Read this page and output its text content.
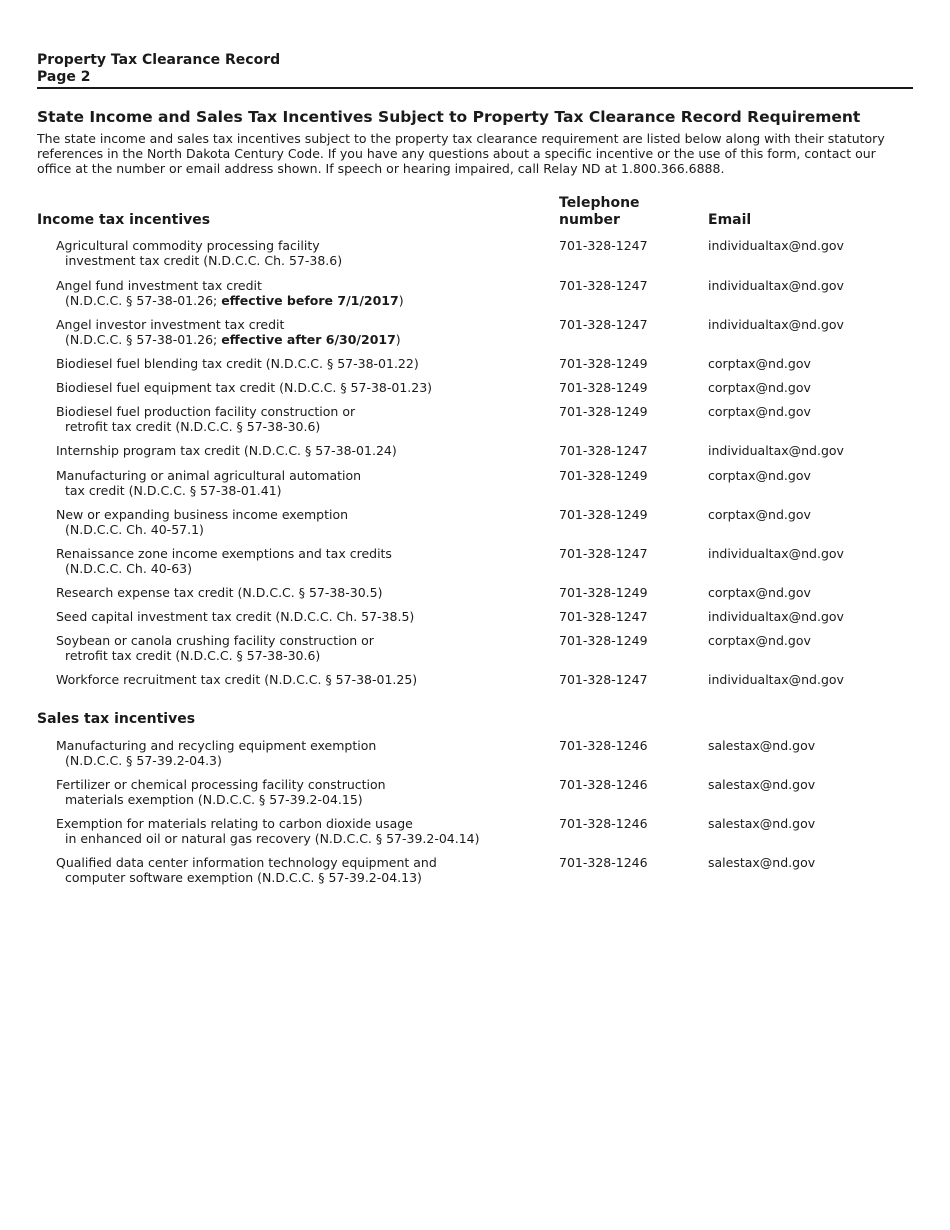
Property Tax Clearance Record
Page 2
State Income and Sales Tax Incentives Subject to Property Tax Clearance Record Requirement
The state income and sales tax incentives subject to the property tax clearance requirement are listed below along with their statutory
references in the North Dakota Century Code. If you have any questions about a specific incentive or the use of this form, contact our
office at the number or email address shown. If speech or hearing impaired, call Relay ND at 1.800.366.6888.
Income tax incentives
Telephone
number	Email
Agricultural commodity processing facility
investment tax credit (N.D.C.C. Ch. 57-38.6)
701-328-1247	individualtax@nd.gov
Angel fund investment tax credit
(N.D.C.C. § 57-38-01.26; effective before 7/1/2017)
701-328-1247	individualtax@nd.gov
Angel investor investment tax credit
(N.D.C.C. § 57-38-01.26; effective after 6/30/2017)
701-328-1247	individualtax@nd.gov
Biodiesel fuel blending tax credit (N.D.C.C. § 57-38-01.22)	701-328-1249	corptax@nd.gov
Biodiesel fuel equipment tax credit (N.D.C.C. § 57-38-01.23)	701-328-1249	corptax@nd.gov
Biodiesel fuel production facility construction or
retrofit tax credit (N.D.C.C. § 57-38-30.6)
701-328-1249	corptax@nd.gov
Internship program tax credit (N.D.C.C. § 57-38-01.24)	701-328-1247	individualtax@nd.gov
Manufacturing or animal agricultural automation
tax credit (N.D.C.C. § 57-38-01.41)
701-328-1249	corptax@nd.gov
New or expanding business income exemption
(N.D.C.C. Ch. 40-57.1)
701-328-1249	corptax@nd.gov
Renaissance zone income exemptions and tax credits
(N.D.C.C. Ch. 40-63)
701-328-1247	individualtax@nd.gov
Research expense tax credit (N.D.C.C. § 57-38-30.5)	701-328-1249	corptax@nd.gov
Seed capital investment tax credit (N.D.C.C. Ch. 57-38.5)	701-328-1247	individualtax@nd.gov
Soybean or canola crushing facility construction or
retrofit tax credit (N.D.C.C. § 57-38-30.6)
701-328-1249	corptax@nd.gov
Workforce recruitment tax credit (N.D.C.C. § 57-38-01.25)	701-328-1247	individualtax@nd.gov
Sales tax incentives
Manufacturing and recycling equipment exemption
(N.D.C.C. § 57-39.2-04.3)
701-328-1246	salestax@nd.gov
Fertilizer or chemical processing facility construction
materials exemption (N.D.C.C. § 57-39.2-04.15)
701-328-1246	salestax@nd.gov
Exemption for materials relating to carbon dioxide usage
in enhanced oil or natural gas recovery (N.D.C.C. § 57-39.2-04.14)
701-328-1246	salestax@nd.gov
Qualified data center information technology equipment and
computer software exemption (N.D.C.C. § 57-39.2-04.13)
701-328-1246	salestax@nd.gov
